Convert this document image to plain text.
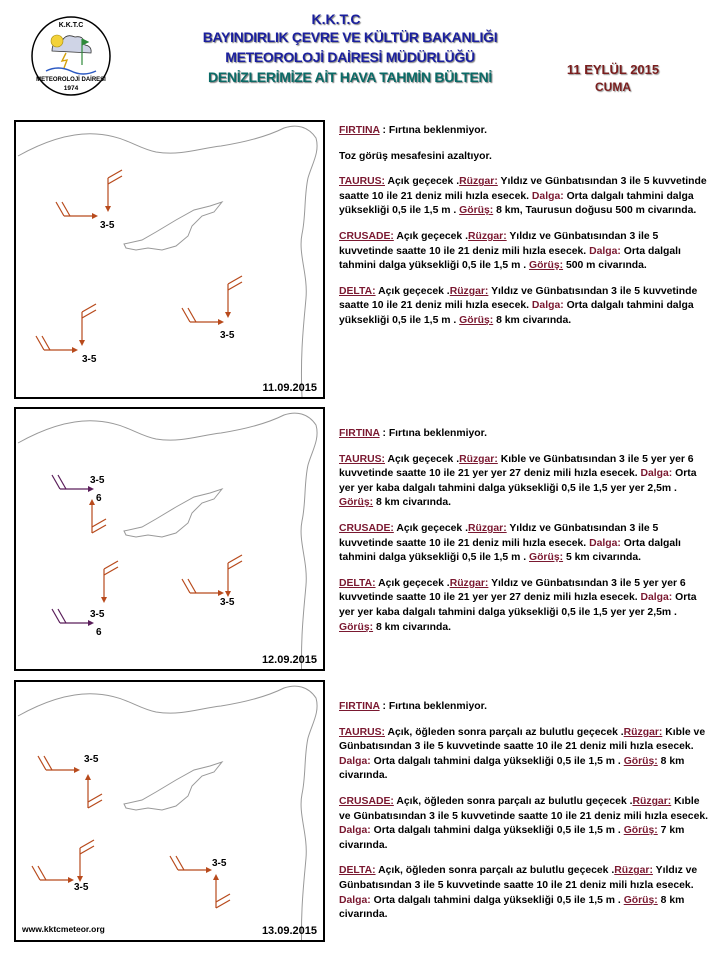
K.K.T.C
METEOROLOJİ DAİRESİ
1974
K.K.T.C
BAYINDIRLIK ÇEVRE VE KÜLTÜR BAKANLIĞI
METEOROLOJİ DAİRESİ MÜDÜRLÜĞÜ
DENİZLERİMİZE AİT HAVA TAHMİN BÜLTENİ	11 EYLÜL 2015
CUMA
3-5
3-5
3-5
11.09.2015

FIRTINA : Fırtına beklenmiyor.

Toz görüş mesafesini azaltıyor.

TAURUS: Açık geçecek .Rüzgar: Yıldız ve Günbatısından 3 ile 5 kuvvetinde saatte 10 ile 21 deniz mili hızla esecek. Dalga: Orta dalgalı tahmini dalga yüksekliği 0,5 ile 1,5 m . Görüş: 8 km, Taurusun doğusu 500 m civarında.

CRUSADE: Açık geçecek .Rüzgar: Yıldız ve Günbatısından 3 ile 5 kuvvetinde saatte 10 ile 21 deniz mili hızla esecek. Dalga: Orta dalgalı tahmini dalga yüksekliği 0,5 ile 1,5 m . Görüş: 500 m civarında.

DELTA: Açık geçecek .Rüzgar: Yıldız ve Günbatısından 3 ile 5 kuvvetinde saatte 10 ile 21 deniz mili hızla esecek. Dalga: Orta dalgalı tahmini dalga yüksekliği 0,5 ile 1,5 m . Görüş: 8 km civarında.

3-5
6
3-5
3-5
6
12.09.2015

FIRTINA : Fırtına beklenmiyor.

TAURUS: Açık geçecek .Rüzgar: Kıble ve Günbatısından 3 ile 5 yer yer 6 kuvvetinde saatte 10 ile 21 yer yer 27 deniz mili hızla esecek. Dalga: Orta yer yer kaba dalgalı tahmini dalga yüksekliği 0,5 ile 1,5 yer yer 2,5m . Görüş: 8 km civarında.

CRUSADE: Açık geçecek .Rüzgar: Yıldız ve Günbatısından 3 ile 5 kuvvetinde saatte 10 ile 21 deniz mili hızla esecek. Dalga: Orta dalgalı tahmini dalga yüksekliği 0,5 ile 1,5 m . Görüş: 5 km civarında.

DELTA: Açık geçecek .Rüzgar: Yıldız ve Günbatısından 3 ile 5 yer yer 6 kuvvetinde saatte 10 ile 21 yer yer 27 deniz mili hızla esecek. Dalga: Orta yer yer kaba dalgalı tahmini dalga yüksekliği 0,5 ile 1,5 yer yer 2,5m . Görüş: 8 km civarında.

3-5
3-5
3-5
www.kktcmeteor.org	13.09.2015

FIRTINA : Fırtına beklenmiyor.

TAURUS: Açık, öğleden sonra parçalı az bulutlu geçecek .Rüzgar: Kıble ve Günbatısından 3 ile 5 kuvvetinde saatte 10 ile 21 deniz mili hızla esecek. Dalga: Orta dalgalı tahmini dalga yüksekliği 0,5 ile 1,5 m . Görüş: 8 km civarında.

CRUSADE: Açık, öğleden sonra parçalı az bulutlu geçecek .Rüzgar: Kıble ve Günbatısından 3 ile 5 kuvvetinde saatte 10 ile 21 deniz mili hızla esecek. Dalga: Orta dalgalı tahmini dalga yüksekliği 0,5 ile 1,5 m . Görüş: 7 km civarında.

DELTA: Açık, öğleden sonra parçalı az bulutlu geçecek .Rüzgar: Yıldız ve Günbatısından 3 ile 5 kuvvetinde saatte 10 ile 21 deniz mili hızla esecek. Dalga: Orta dalgalı tahmini dalga yüksekliği 0,5 ile 1,5 m . Görüş: 8 km civarında.
